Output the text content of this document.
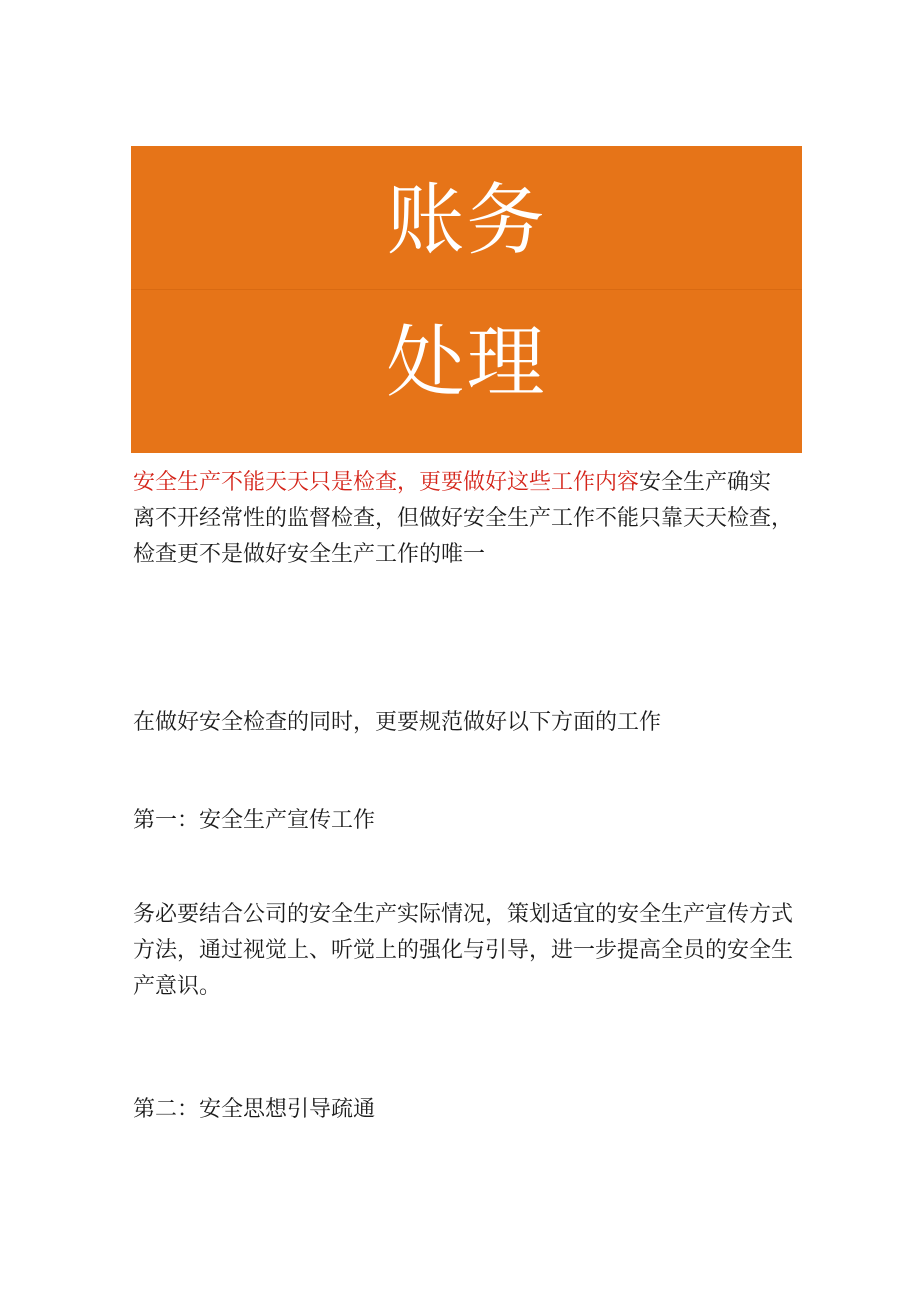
账务
处理

安全生产不能天天只是检查，更要做好这些工作内容安全生产确实离不开经常性的监督检查，但做好安全生产工作不能只靠天天检查，检查更不是做好安全生产工作的唯一

在做好安全检查的同时，更要规范做好以下方面的工作

第一：安全生产宣传工作

务必要结合公司的安全生产实际情况，策划适宜的安全生产宣传方式方法，通过视觉上、听觉上的强化与引导，进一步提高全员的安全生产意识。

第二：安全思想引导疏通
